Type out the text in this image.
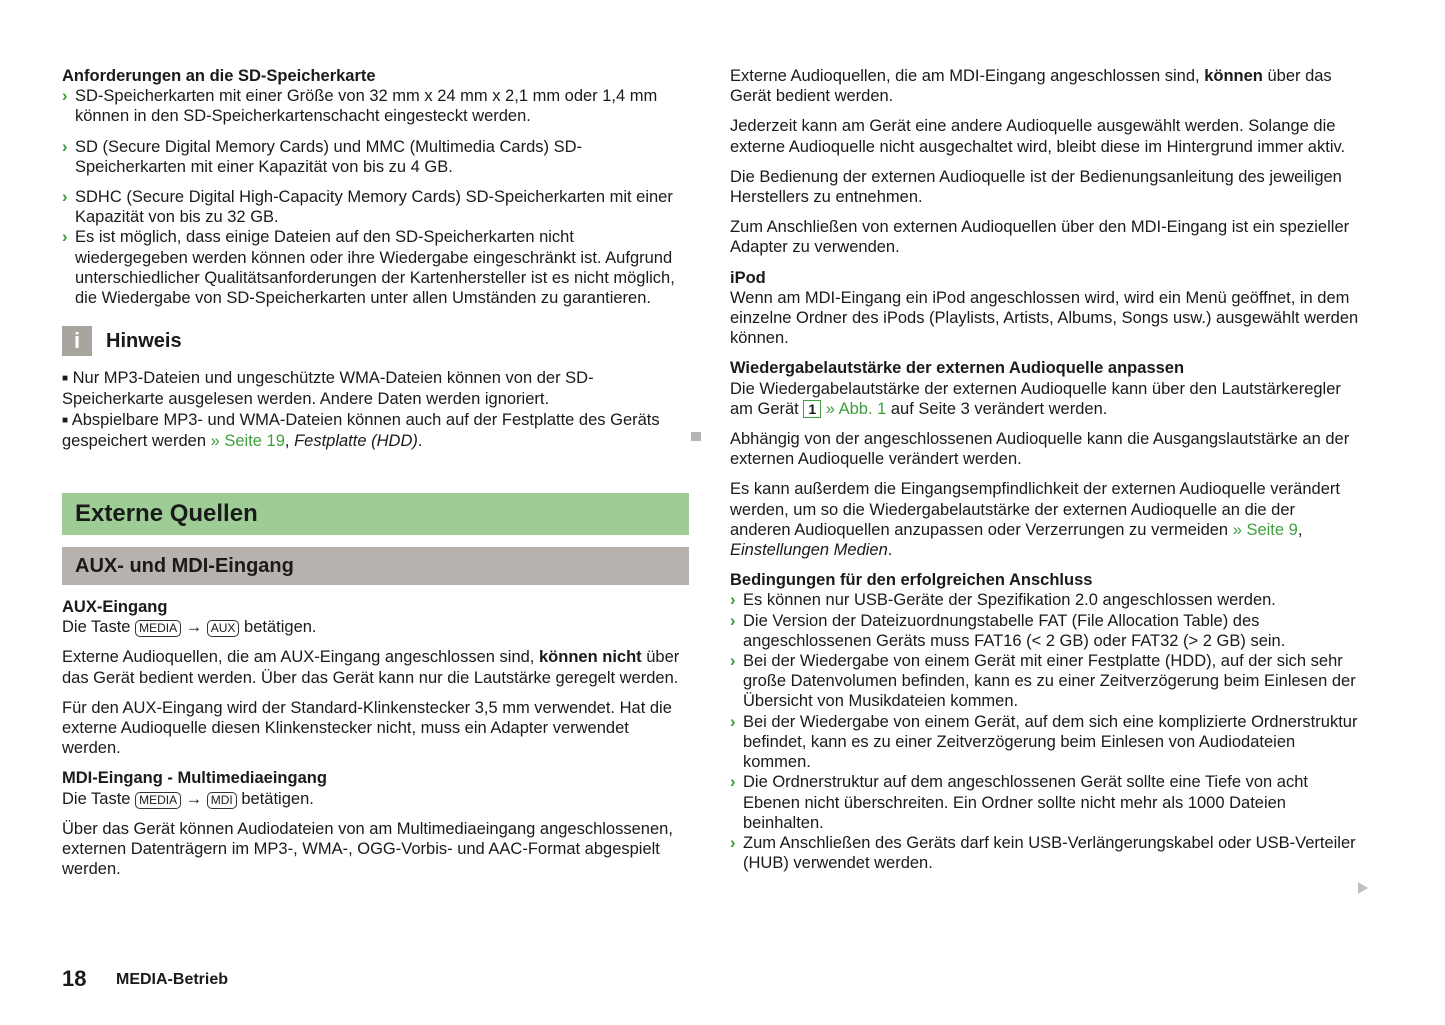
Anforderungen an die SD-Speicherkarte

› SD-Speicherkarten mit einer Größe von 32 mm x 24 mm x 2,1 mm oder 1,4 mm können in den SD-Speicherkartenschacht eingesteckt werden.
› SD (Secure Digital Memory Cards) und MMC (Multimedia Cards) SD-Speicherkarten mit einer Kapazität von bis zu 4 GB.
› SDHC (Secure Digital High-Capacity Memory Cards) SD-Speicherkarten mit einer Kapazität von bis zu 32 GB.
› Es ist möglich, dass einige Dateien auf den SD-Speicherkarten nicht wiedergegeben werden können oder ihre Wiedergabe eingeschränkt ist. Aufgrund unterschiedlicher Qualitätsanforderungen der Kartenhersteller ist es nicht möglich, die Wiedergabe von SD-Speicherkarten unter allen Umständen zu garantieren.
i	Hinweis

■ Nur MP3-Dateien und ungeschützte WMA-Dateien können von der SD-Speicherkarte ausgelesen werden. Andere Daten werden ignoriert.

■ Abspielbare MP3- und WMA-Dateien können auch auf der Festplatte des Geräts gespeichert werden » Seite 19, Festplatte (HDD).

Externe Quellen
AUX- und MDI-Eingang

AUX-Eingang

Die Taste MEDIA → AUX betätigen.

Externe Audioquellen, die am AUX-Eingang angeschlossen sind, können nicht über das Gerät bedient werden. Über das Gerät kann nur die Lautstärke geregelt werden.

Für den AUX-Eingang wird der Standard-Klinkenstecker 3,5 mm verwendet. Hat die externe Audioquelle diesen Klinkenstecker nicht, muss ein Adapter verwendet werden.

MDI-Eingang - Multimediaeingang

Die Taste MEDIA → MDI betätigen.

Über das Gerät können Audiodateien von am Multimediaeingang angeschlossenen, externen Datenträgern im MP3-, WMA-, OGG-Vorbis- und AAC-Format abgespielt werden.

Externe Audioquellen, die am MDI-Eingang angeschlossen sind, können über das Gerät bedient werden.

Jederzeit kann am Gerät eine andere Audioquelle ausgewählt werden. Solange die externe Audioquelle nicht ausgechaltet wird, bleibt diese im Hintergrund immer aktiv.

Die Bedienung der externen Audioquelle ist der Bedienungsanleitung des jeweiligen Herstellers zu entnehmen.

Zum Anschließen von externen Audioquellen über den MDI-Eingang ist ein spezieller Adapter zu verwenden.

iPod

Wenn am MDI-Eingang ein iPod angeschlossen wird, wird ein Menü geöffnet, in dem einzelne Ordner des iPods (Playlists, Artists, Albums, Songs usw.) ausgewählt werden können.

Wiedergabelautstärke der externen Audioquelle anpassen

Die Wiedergabelautstärke der externen Audioquelle kann über den Lautstärkeregler am Gerät 1 » Abb. 1 auf Seite 3 verändert werden.

Abhängig von der angeschlossenen Audioquelle kann die Ausgangslautstärke an der externen Audioquelle verändert werden.

Es kann außerdem die Eingangsempfindlichkeit der externen Audioquelle verändert werden, um so die Wiedergabelautstärke der externen Audioquelle an die der anderen Audioquellen anzupassen oder Verzerrungen zu vermeiden » Seite 9, Einstellungen Medien.

Bedingungen für den erfolgreichen Anschluss

› Es können nur USB-Geräte der Spezifikation 2.0 angeschlossen werden.
› Die Version der Dateizuordnungstabelle FAT (File Allocation Table) des angeschlossenen Geräts muss FAT16 (< 2 GB) oder FAT32 (> 2 GB) sein.
› Bei der Wiedergabe von einem Gerät mit einer Festplatte (HDD), auf der sich sehr große Datenvolumen befinden, kann es zu einer Zeitverzögerung beim Einlesen der Übersicht von Musikdateien kommen.
› Bei der Wiedergabe von einem Gerät, auf dem sich eine komplizierte Ordnerstruktur befindet, kann es zu einer Zeitverzögerung beim Einlesen von Audiodateien kommen.
› Die Ordnerstruktur auf dem angeschlossenen Gerät sollte eine Tiefe von acht Ebenen nicht überschreiten. Ein Ordner sollte nicht mehr als 1000 Dateien beinhalten.
› Zum Anschließen des Geräts darf kein USB-Verlängerungskabel oder USB-Verteiler (HUB) verwendet werden.
18 MEDIA-Betrieb
